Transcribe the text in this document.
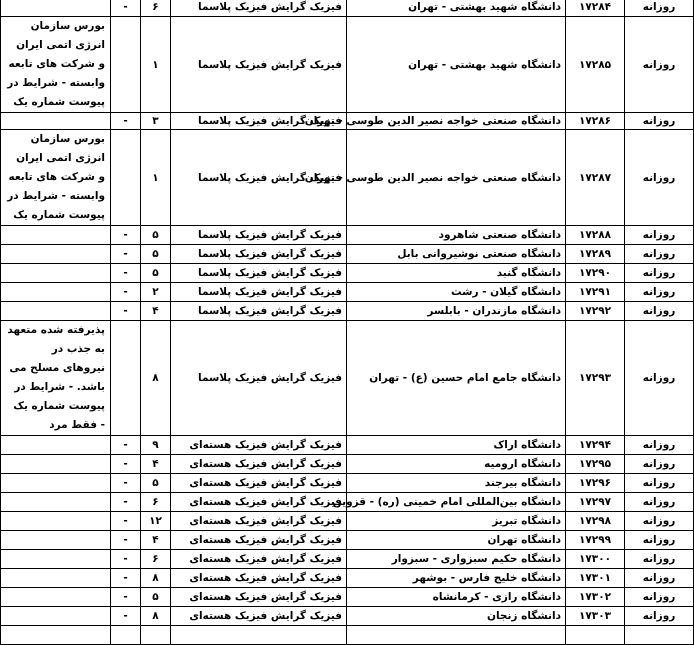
	-	۶	فیزیک گرایش فیزیک پلاسما	دانشگاه شهید بهشتی - تهران	۱۷۲۸۴	روزانه
بورس سازمان انرژی اتمی ایران و شرکت های تابعه وابسته - شرایط در پیوست شماره یک		۱	فیزیک گرایش فیزیک پلاسما	دانشگاه شهید بهشتی - تهران	۱۷۲۸۵	روزانه
	-	۳	فیزیک گرایش فیزیک پلاسما	دانشگاه صنعتی خواجه نصیر الدین طوسی - تهران	۱۷۲۸۶	روزانه
بورس سازمان انرژی اتمی ایران و شرکت های تابعه وابسته - شرایط در پیوست شماره یک		۱	فیزیک گرایش فیزیک پلاسما	دانشگاه صنعتی خواجه نصیر الدین طوسی - تهران	۱۷۲۸۷	روزانه
	-	۵	فیزیک گرایش فیزیک پلاسما	دانشگاه صنعتی شاهرود	۱۷۲۸۸	روزانه
	-	۵	فیزیک گرایش فیزیک پلاسما	دانشگاه صنعتی نوشیروانی بابل	۱۷۲۸۹	روزانه
	-	۵	فیزیک گرایش فیزیک پلاسما	دانشگاه گنبد	۱۷۲۹۰	روزانه
	-	۲	فیزیک گرایش فیزیک پلاسما	دانشگاه گیلان - رشت	۱۷۲۹۱	روزانه
	-	۴	فیزیک گرایش فیزیک پلاسما	دانشگاه مازندران - بابلسر	۱۷۲۹۲	روزانه
پذیرفته شده متعهد به جذب در نیروهای مسلح می باشد. - شرایط در پیوست شماره یک - فقط مرد		۸	فیزیک گرایش فیزیک پلاسما	دانشگاه جامع امام حسین (ع) - تهران	۱۷۲۹۳	روزانه
	-	۹	فیزیک گرایش فیزیک هسته‌ای	دانشگاه اراک	۱۷۲۹۴	روزانه
	-	۴	فیزیک گرایش فیزیک هسته‌ای	دانشگاه ارومیه	۱۷۲۹۵	روزانه
	-	۵	فیزیک گرایش فیزیک هسته‌ای	دانشگاه بیرجند	۱۷۲۹۶	روزانه
	-	۶	فیزیک گرایش فیزیک هسته‌ای	دانشگاه بین‌المللی امام خمینی (ره) - قزوین	۱۷۲۹۷	روزانه
	-	۱۲	فیزیک گرایش فیزیک هسته‌ای	دانشگاه تبریز	۱۷۲۹۸	روزانه
	-	۴	فیزیک گرایش فیزیک هسته‌ای	دانشگاه تهران	۱۷۲۹۹	روزانه
	-	۶	فیزیک گرایش فیزیک هسته‌ای	دانشگاه حکیم سبزواری - سبزوار	۱۷۳۰۰	روزانه
	-	۸	فیزیک گرایش فیزیک هسته‌ای	دانشگاه خلیج فارس - بوشهر	۱۷۳۰۱	روزانه
	-	۵	فیزیک گرایش فیزیک هسته‌ای	دانشگاه رازی - کرمانشاه	۱۷۳۰۲	روزانه
	-	۸	فیزیک گرایش فیزیک هسته‌ای	دانشگاه زنجان	۱۷۳۰۳	روزانه
